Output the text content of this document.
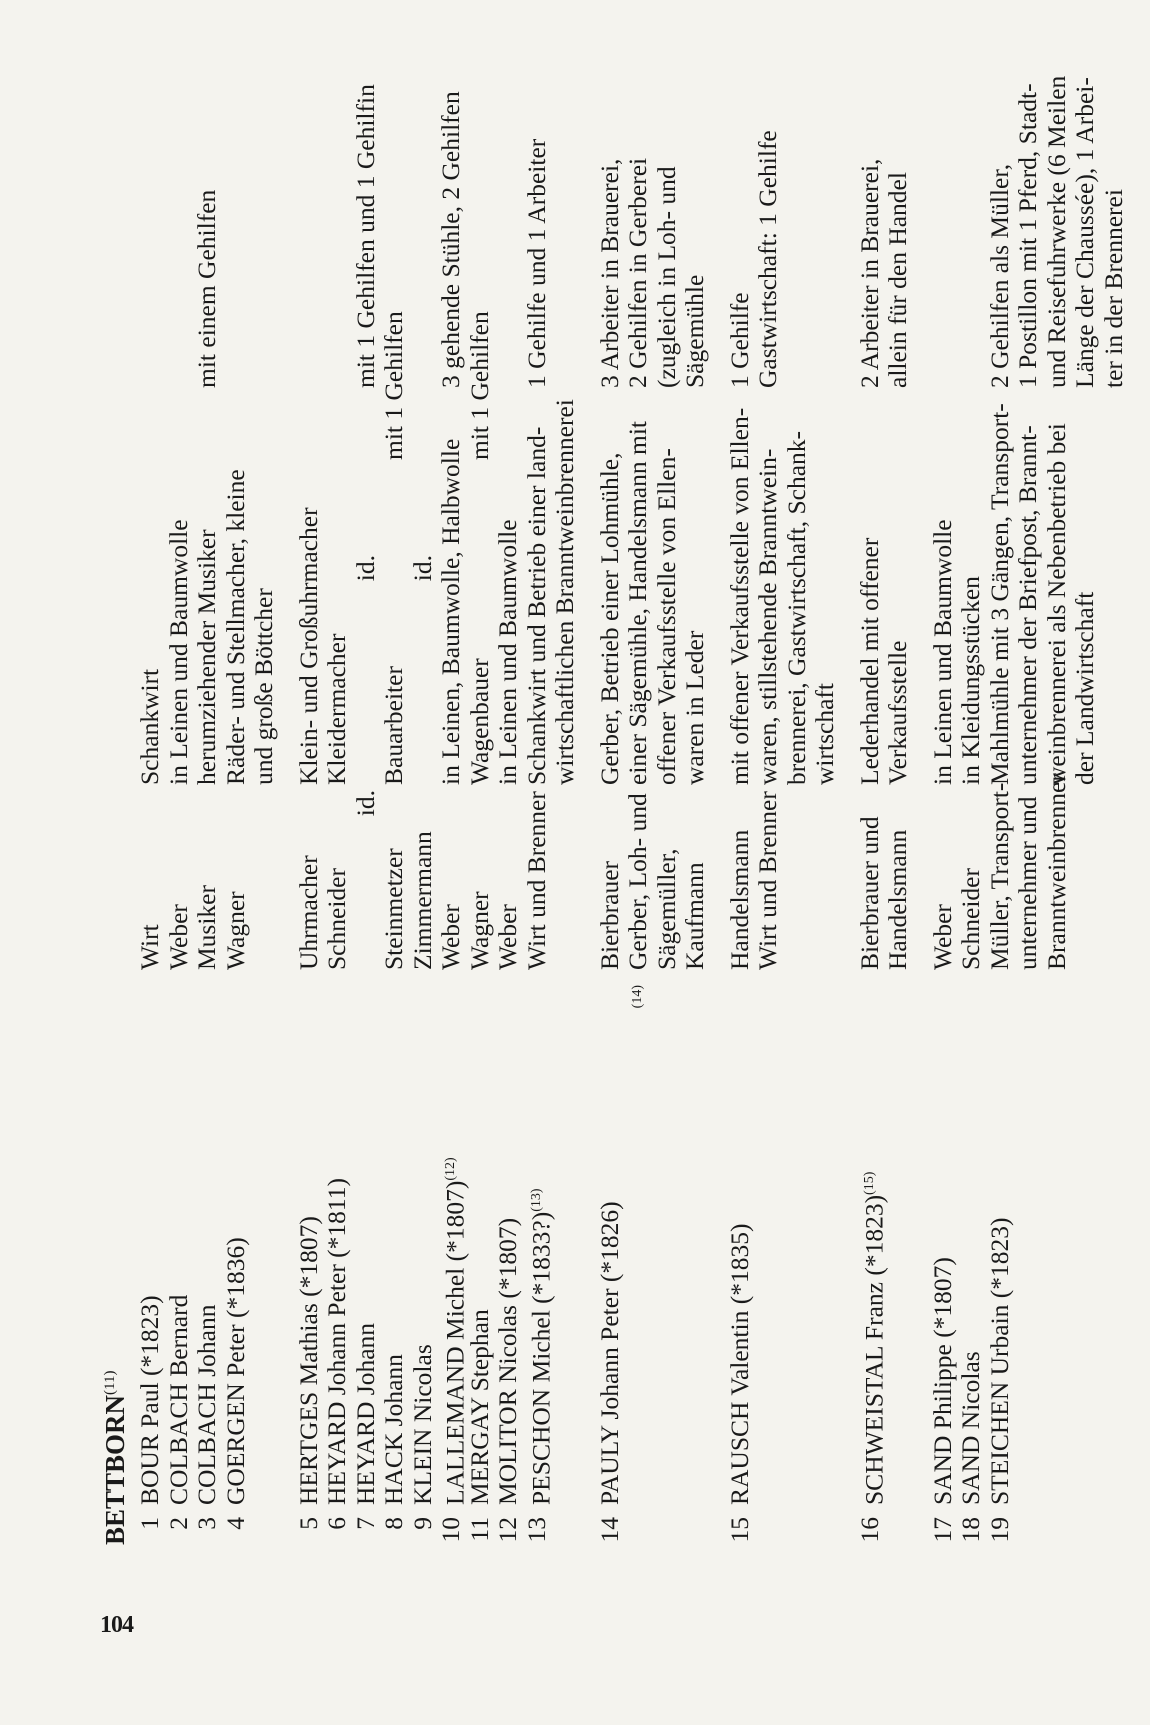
104
BETTBORN$^{(11)}$
1
BOUR Paul (*1823)
Wirt
Schankwirt
2
COLBACH Bernard
Weber
in Leinen und Baumwolle
mit einem Gehilfen
3
COLBACH Johann
Musiker
herumziehender Musiker
4
GOERGEN Peter (*1836)
Wagner
Räder- und Stellmacher, kleine und große Böttcher
5
HERTGES Mathias (*1807)
Uhrmacher
Klein- und Großuhrmacher
6
HEYARD Johann Peter (*1811)
Schneider
Kleidermacher
mit 1 Gehilfen und 1 Gehilfin
7
HEYARD Johann
id.
id.
8
HACK Johann
Steinmetzer
Bauarbeiter
mit 1 Gehilfen
9
KLEIN Nicolas
Zimmermann
id.
10
LALLEMAND Michel $(*1807)^{(12)}$
Weber
in Leinen, Baumwolle, Halbwolle
3 gehende Stühle, 2 Gehilfen
11
MERGAY Stephan
Wagner
Wagenbauer
mit 1 Gehilfen
12
MOLITOR Nicolas (*1807)
Weber
in Leinen und Baumwolle
13
PESCHON Michel (*1833?)$^{(13)}$
Wirt und Brenner
Schankwirt und Betrieb einer land- wirtschaftlichen Branntweinbrennerei
1 Gehilfe und 1 Arbeiter
14
PAULY Johann Peter (*1826)
$^{(14)}$
Bierbrauer Gerber, Loh- und Sägemüller, Kaufmann
Gerber, Betrieb einer Lohmühle, einer Sägemühle, Handelsmann mit offener Verkaufsstelle von Ellen- waren in Leder
3 Arbeiter in Brauerei, 2 Gehilfen in Gerberei (zugleich in Loh- und Sägemühle
15
RAUSCH Valentin (*1835)
Handelsmann Wirt und Brenner
mit offener Verkaufsstelle von Ellen- waren, stillstehende Branntwein- brennerei, Gastwirtschaft, Schank- wirtschaft
1 Gehilfe Gastwirtschaft: 1 Gehilfe
16
SCHWEISTAL Franz $(*1823)^{(15)}$
Bierbrauer und Handelsmann
Lederhandel mit offener Verkaufsstelle
2 Arbeiter in Brauerei, allein für den Handel
17
SAND Philippe (*1807)
Weber
in Leinen und Baumwolle
18
SAND Nicolas
Schneider
in Kleidungsstücken
19
STEICHEN Urbain (*1823)
Müller, Transport- unternehmer und Branntweinbrenner
Mahlmühle mit 3 Gängen, Transport- unternehmer der Briefpost, Brannt- weinbrennerei als Nebenbetrieb bei der Landwirtschaft
2 Gehilfen als Müller, 1 Postillon mit 1 Pferd, Stadt- und Reisefuhrwerke (6 Meilen Länge der Chaussée), 1 Arbei- ter in der Brennerei
